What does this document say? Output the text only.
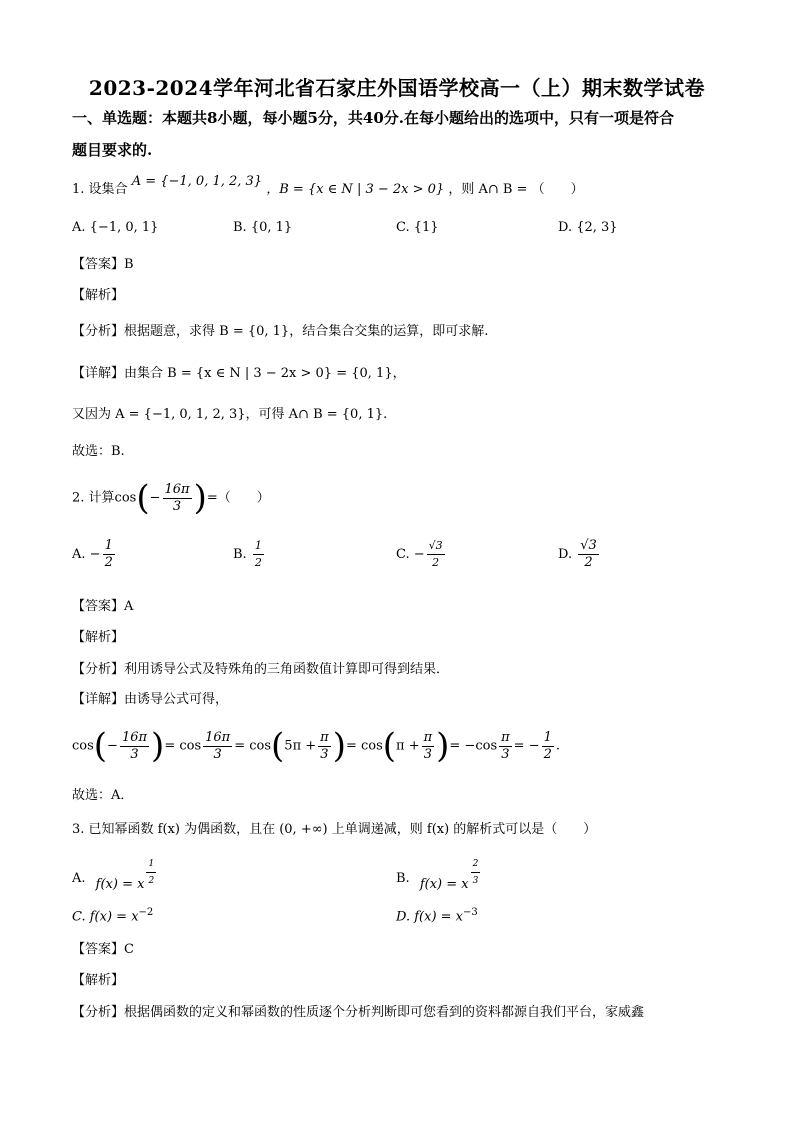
2023-2024学年河北省石家庄外国语学校高一（上）期末数学试卷
一、单选题：本题共8小题，每小题5分，共40分.在每小题给出的选项中，只有一项是符合
题目要求的.
1. 设集合 A = {−1, 0, 1, 2, 3} ，B = {x ∈ N | 3 − 2x > 0} ，则 A∩ B = （　　）
A. {−1, 0, 1}	B. {0, 1}	C. {1}	D. {2, 3}
【答案】B
【解析】
【分析】根据题意，求得 B = {0, 1}，结合集合交集的运算，即可求解.
【详解】由集合 B = {x ∈ N | 3 − 2x > 0} = {0, 1}，
又因为 A = {−1, 0, 1, 2, 3}，可得 A∩ B = {0, 1}.
故选：B.
2. 计算$\cos(- \frac{16\pi}{3}$ )=（　　）
A. − $\frac{1}{2}$	B. $\frac{1}{2}$	C. − $\frac{√3}{2}$	D. $\frac{√3}{2}$
【答案】A
【解析】
【分析】利用诱导公式及特殊角的三角函数值计算即可得到结果．
【详解】由诱导公式可得，
$\cos(- \frac{16\pi}{3}$ )= $\cos \frac{16\pi}{3} = \cos(5\pi + \frac{\pi}{3}$ )= $\cos(\pi + \frac{\pi}{3}$ )= $-\cos \frac{\pi}{3}$ = − $\frac{1}{2}$ .
故选：A．
3. 已知幂函数 f(x) 为偶函数，且在 (0, +∞) 上单调递减，则 f(x) 的解析式可以是（　　）
A. f(x) = x $\frac{1}{2}$	B. f(x) = x $\frac{2}{3}$
C. $f(x) = x^{-2}$	D. $f(x) = x^{-3}$
【答案】C
【解析】
【分析】根据偶函数的定义和幂函数的性质逐个分析判断即可您看到的资料都源自我们平台，家威鑫
